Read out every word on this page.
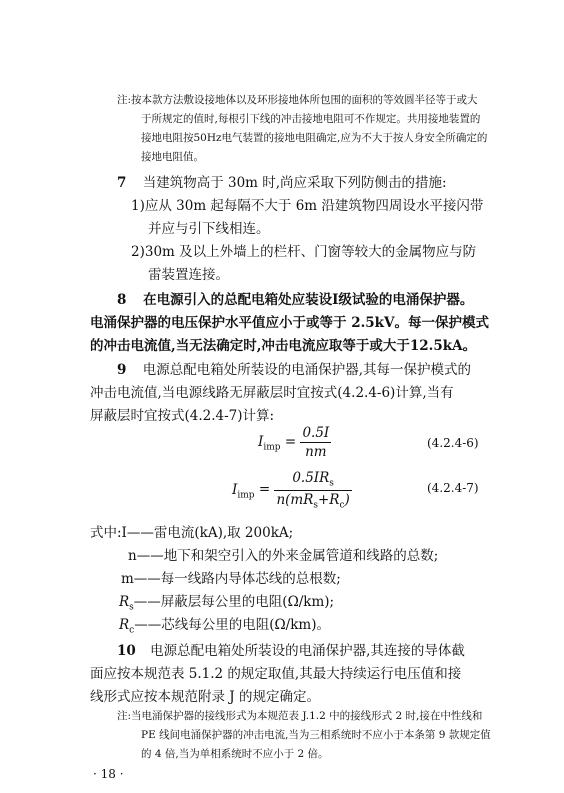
注:按本款方法敷设接地体以及环形接地体所包围的面积的等效圆半径等于或大
于所规定的值时,每根引下线的冲击接地电阻可不作规定。共用接地装置的
接地电阻按50Hz电气装置的接地电阻确定,应为不大于按人身安全所确定的
接地电阻值。
7 当建筑物高于 30m 时,尚应采取下列防侧击的措施:
1)应从 30m 起每隔不大于 6m 沿建筑物四周设水平接闪带
并应与引下线相连。
2)30m 及以上外墙上的栏杆、门窗等较大的金属物应与防
雷装置连接。
8 在电源引入的总配电箱处应装设Ⅰ级试验的电涌保护器。
电涌保护器的电压保护水平值应小于或等于 2.5kV。每一保护模式
的冲击电流值,当无法确定时,冲击电流应取等于或大于12.5kA。
9 电源总配电箱处所装设的电涌保护器,其每一保护模式的
冲击电流值,当电源线路无屏蔽层时宜按式(4.2.4-6)计算,当有
屏蔽层时宜按式(4.2.4-7)计算:
$I_{imp} = \frac{0.5I}{nm}$	(4.2.4-6)
$I_{imp} = \frac{0.5IR_s}{n(mR_s+R_c)}$	(4.2.4-7)
式中:I——雷电流(kA),取 200kA;
n——地下和架空引入的外来金属管道和线路的总数;
m——每一线路内导体芯线的总根数;
$R_s——$屏蔽层每公里的电阻(Ω/km);
$R_c——$芯线每公里的电阻(Ω/km)。
10 电源总配电箱处所装设的电涌保护器,其连接的导体截
面应按本规范表 5.1.2 的规定取值,其最大持续运行电压值和接
线形式应按本规范附录 J 的规定确定。
注:当电涌保护器的接线形式为本规范表 J.1.2 中的接线形式 2 时,接在中性线和
PE 线间电涌保护器的冲击电流,当为三相系统时不应小于本条第 9 款规定值
的 4 倍,当为单相系统时不应小于 2 倍。
· 18 ·
